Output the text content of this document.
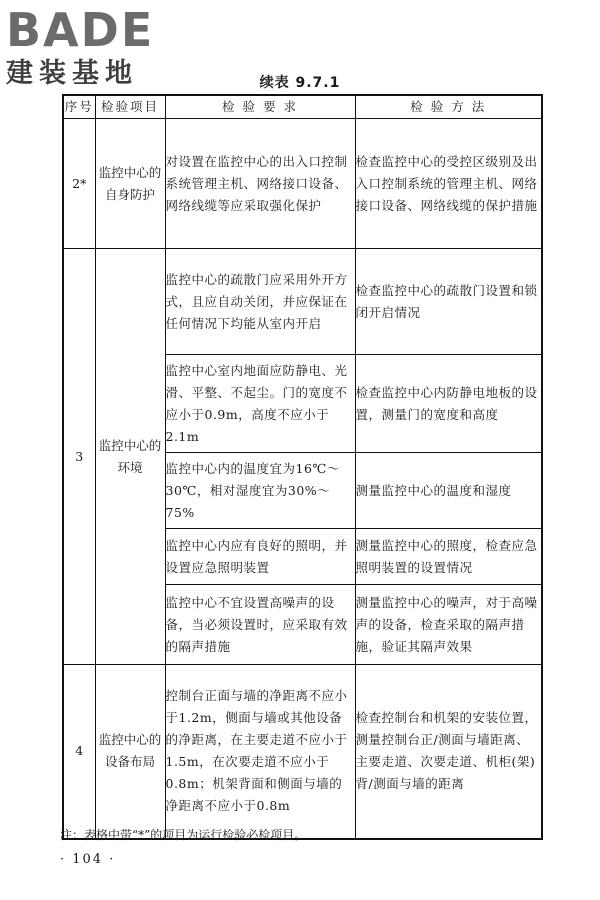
BADE
建装基地	续表 9.7.1
序号	检验项目	检 验 要 求	检 验 方 法
2*	监控中心的自身防护	对设置在监控中心的出入口控制系统管理主机、网络接口设备、网络线缆等应采取强化保护	检查监控中心的受控区级别及出入口控制系统的管理主机、网络接口设备、网络线缆的保护措施
3	监控中心的环境	监控中心的疏散门应采用外开方式，且应自动关闭，并应保证在任何情况下均能从室内开启	检查监控中心的疏散门设置和锁闭开启情况
		监控中心室内地面应防静电、光滑、平整、不起尘。门的宽度不应小于0.9m，高度不应小于2.1m	检查监控中心内防静电地板的设置，测量门的宽度和高度
		监控中心内的温度宜为16℃～30℃，相对湿度宜为30%～75%	测量监控中心的温度和湿度
		监控中心内应有良好的照明，并设置应急照明装置	测量监控中心的照度，检查应急照明装置的设置情况
		监控中心不宜设置高噪声的设备，当必须设置时，应采取有效的隔声措施	测量监控中心的噪声，对于高噪声的设备，检查采取的隔声措施，验证其隔声效果
4	监控中心的设备布局	控制台正面与墙的净距离不应小于1.2m，侧面与墙或其他设备的净距离，在主要走道不应小于1.5m，在次要走道不应小于0.8m；机架背面和侧面与墙的净距离不应小于0.8m	检查控制台和机架的安装位置，测量控制台正/测面与墙距离、主要走道、次要走道、机柜(架)背/测面与墙的距离
注：表格中带“*”的项目为运行检验必检项目。
· 104 ·
